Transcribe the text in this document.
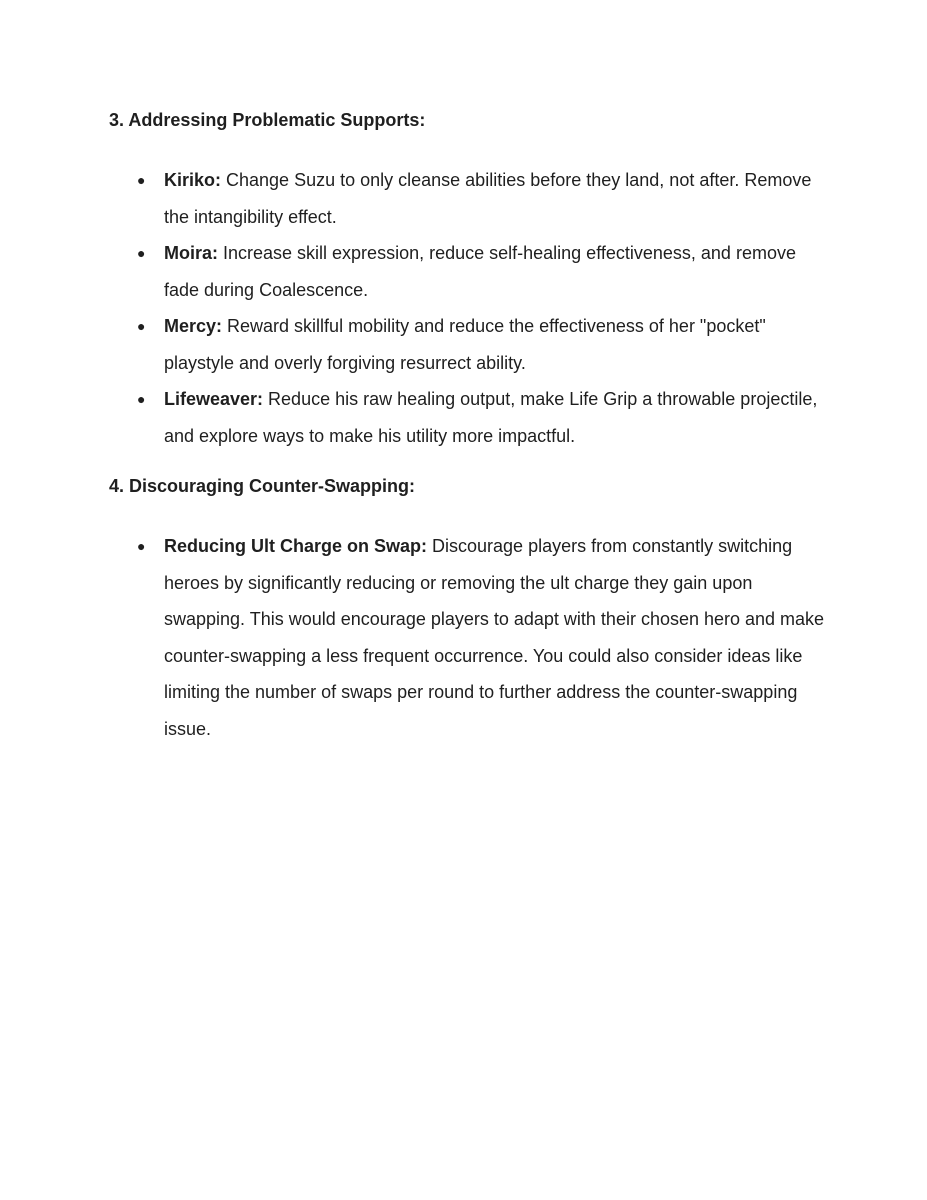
3. Addressing Problematic Supports:
● Kiriko: Change Suzu to only cleanse abilities before they land, not after. Remove the intangibility effect.
● Moira: Increase skill expression, reduce self-healing effectiveness, and remove fade during Coalescence.
● Mercy: Reward skillful mobility and reduce the effectiveness of her "pocket" playstyle and overly forgiving resurrect ability.
● Lifeweaver: Reduce his raw healing output, make Life Grip a throwable projectile, and explore ways to make his utility more impactful.
4. Discouraging Counter-Swapping:
● Reducing Ult Charge on Swap: Discourage players from constantly switching heroes by significantly reducing or removing the ult charge they gain upon swapping. This would encourage players to adapt with their chosen hero and make counter-swapping a less frequent occurrence. You could also consider ideas like limiting the number of swaps per round to further address the counter-swapping issue.
